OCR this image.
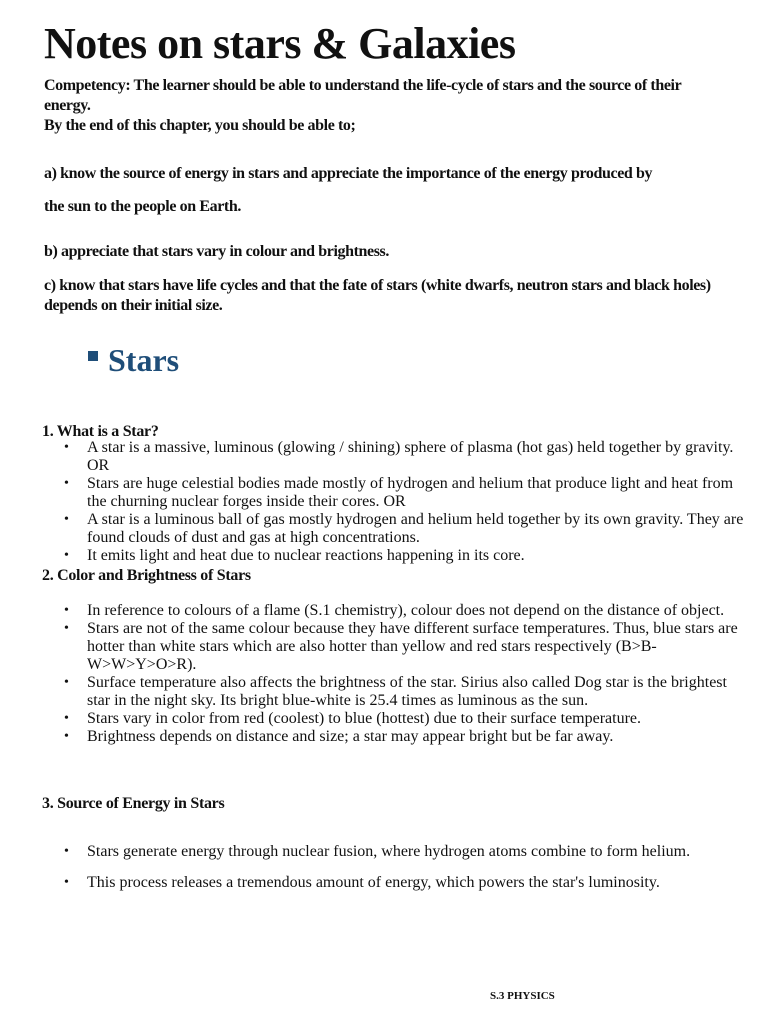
Notes on stars & Galaxies

Competency: The learner should be able to understand the life-cycle of stars and the source of their energy.

By the end of this chapter, you should be able to;

a) know the source of energy in stars and appreciate the importance of the energy produced by

the sun to the people on Earth.

b) appreciate that stars vary in colour and brightness.

c) know that stars have life cycles and that the fate of stars (white dwarfs, neutron stars and black holes) depends on their initial size.

Stars

1. What is a Star?

• A star is a massive, luminous (glowing / shining) sphere of plasma (hot gas) held together by gravity. OR
• Stars are huge celestial bodies made mostly of hydrogen and helium that produce light and heat from the churning nuclear forges inside their cores. OR
• A star is a luminous ball of gas mostly hydrogen and helium held together by its own gravity. They are found clouds of dust and gas at high concentrations.
• It emits light and heat due to nuclear reactions happening in its core.

2. Color and Brightness of Stars

• In reference to colours of a flame (S.1 chemistry), colour does not depend on the distance of object.
• Stars are not of the same colour because they have different surface temperatures. Thus, blue stars are hotter than white stars which are also hotter than yellow and red stars respectively (B>B-W>W>Y>O>R).
• Surface temperature also affects the brightness of the star. Sirius also called Dog star is the brightest star in the night sky. Its bright blue-white is 25.4 times as luminous as the sun.
• Stars vary in color from red (coolest) to blue (hottest) due to their surface temperature.
• Brightness depends on distance and size; a star may appear bright but be far away.

3. Source of Energy in Stars

• Stars generate energy through nuclear fusion, where hydrogen atoms combine to form helium.
• This process releases a tremendous amount of energy, which powers the star's luminosity.
S.3 PHYSICS
